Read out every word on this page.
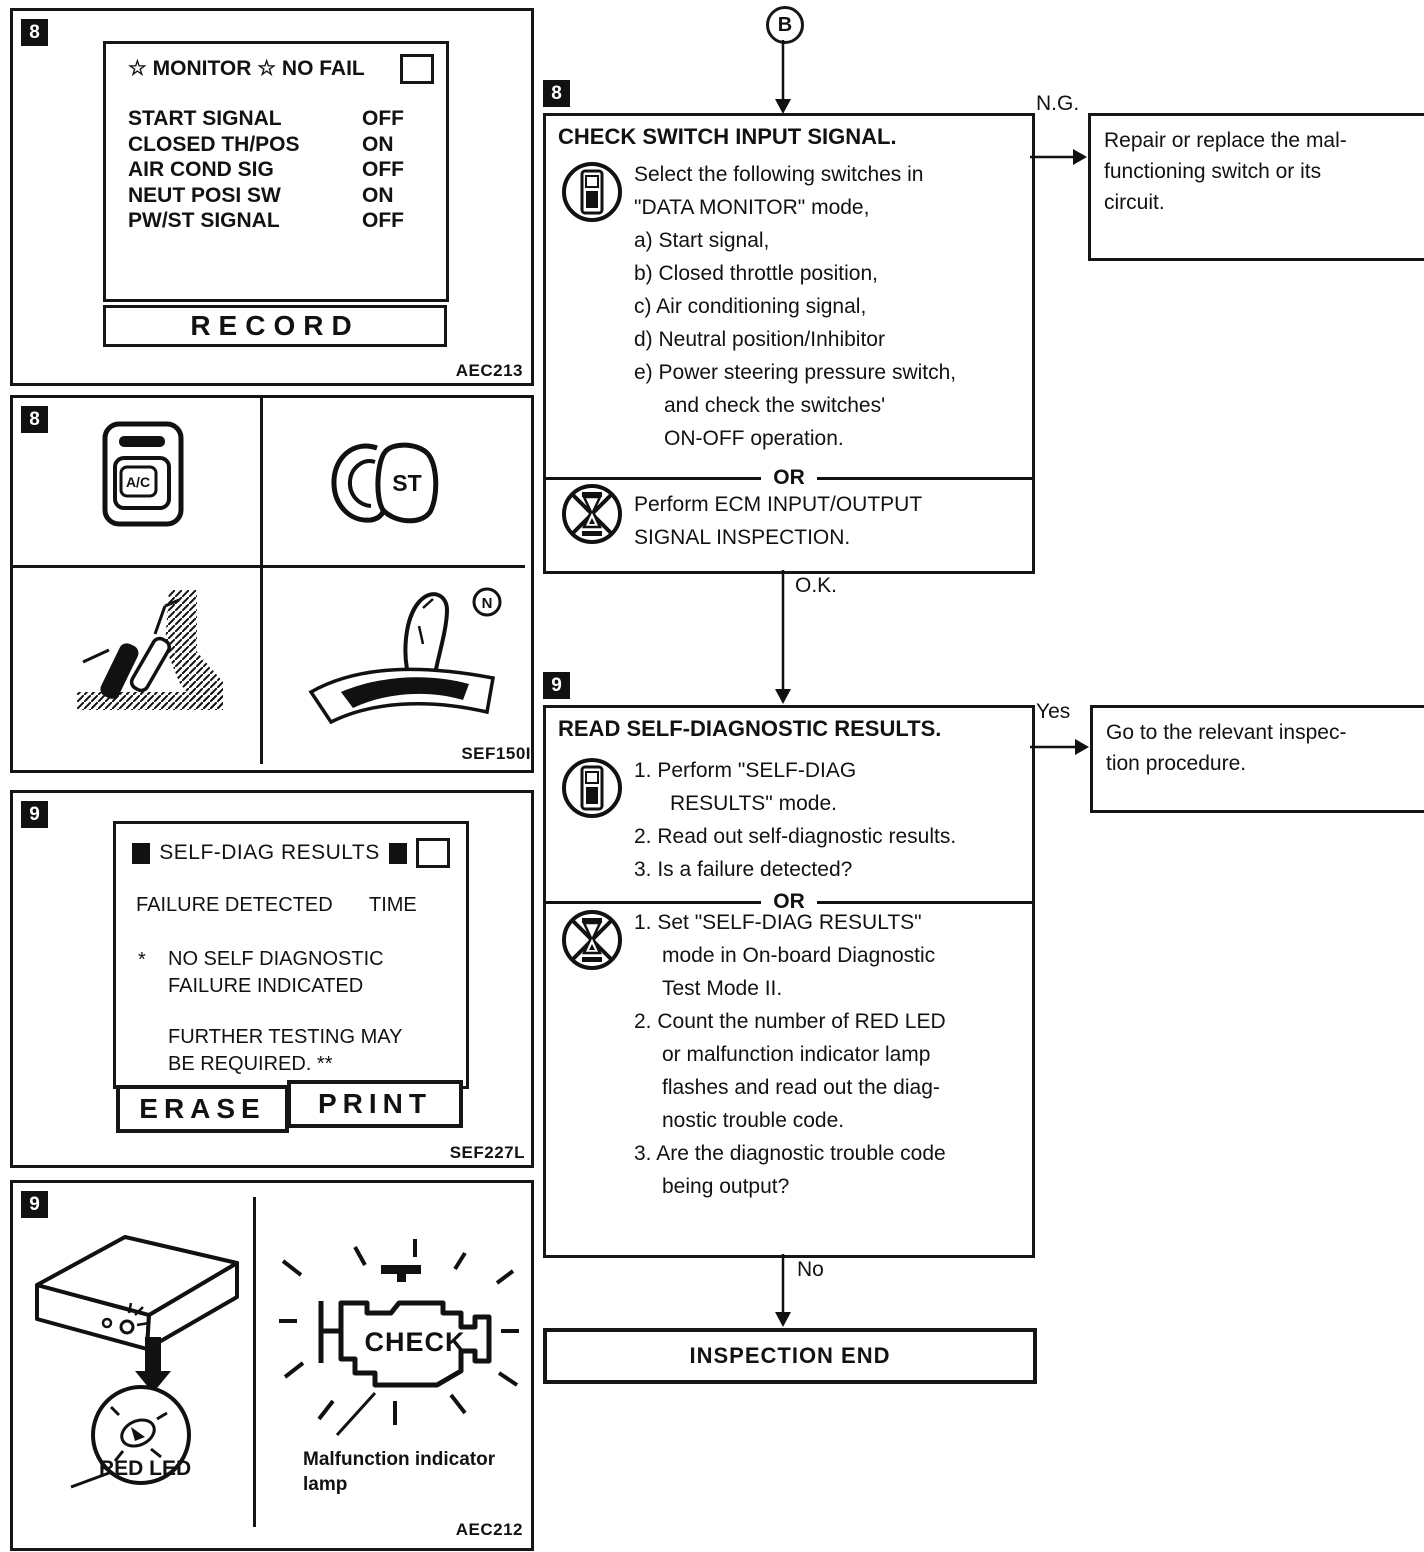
8
☆ MONITOR ☆ NO FAIL
START SIGNAL	OFF
CLOSED TH/POS	ON
AIR COND SIG	OFF
NEUT POSI SW	ON
PW/ST SIGNAL	OFF
RECORD
AEC213
8
A/C	ST
N
SEF150I
9
SELF-DIAG RESULTS
FAILURE DETECTED TIME
*	NO SELF DIAGNOSTIC
FAILURE INDICATED
FURTHER TESTING MAY
BE REQUIRED. **
ERASE	PRINT
SEF227L
9
RED LED
CHECK
Malfunction indicator
lamp
AEC212
B
8
CHECK SWITCH INPUT SIGNAL.
Select the following switches in
"DATA MONITOR" mode,
a) Start signal,
b) Closed throttle position,
c) Air conditioning signal,
d) Neutral position/Inhibitor
e) Power steering pressure switch,
and check the switches'
ON-OFF operation.
OR
Perform ECM INPUT/OUTPUT
SIGNAL INSPECTION.
N.G.
Repair or replace the mal-
functioning switch or its
circuit.
O.K.
9
READ SELF-DIAGNOSTIC RESULTS.
1. Perform "SELF-DIAG
RESULTS" mode.
2. Read out self-diagnostic results.
3. Is a failure detected?
OR
1. Set "SELF-DIAG RESULTS"
mode in On-board Diagnostic
Test Mode II.
2. Count the number of RED LED
or malfunction indicator lamp
flashes and read out the diag-
nostic trouble code.
3. Are the diagnostic trouble code
being output?
Yes
Go to the relevant inspec-
tion procedure.
No
INSPECTION END
